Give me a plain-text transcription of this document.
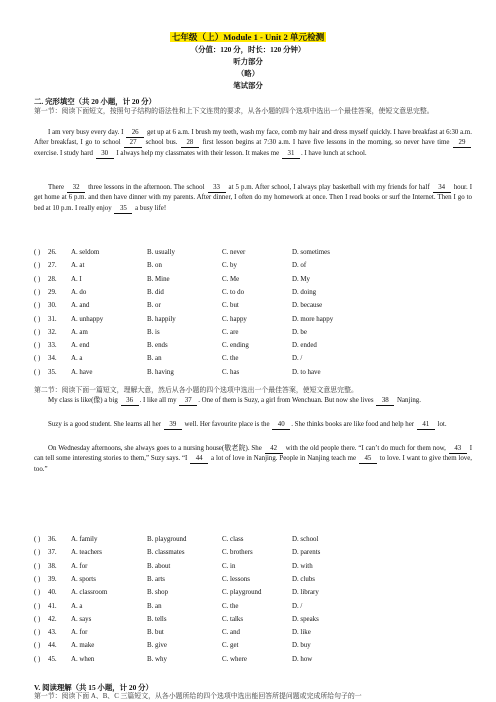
七年级（上）Module 1 - Unit 2 单元检测
（分值：120 分，时长：120 分钟）
听力部分
（略）
笔试部分
二. 完形填空（共 20 小题，计 20 分）
第一节：阅读下面短文，按照句子结构的语法性和上下文连贯的要求，从各小题的四个选项中选出一个最佳答案，使短文意思完整。
I am very busy every day. I 26 get up at 6 a.m. I brush my teeth, wash my face, comb my hair and dress myself quickly. I have breakfast at 6:30 a.m. After breakfast, I go to school 27 school bus. 28 first lesson begins at 7:30 a.m. I have five lessons in the morning, so never have time 29 exercise. I study hard 30 I always help my classmates with their lesson. It makes me 31 . I have lunch at school.
There 32 three lessons in the afternoon. The school 33 at 5 p.m. After school, I always play basketball with my friends for half 34 hour. I get home at 6 p.m. and then have dinner with my parents. After dinner, I often do my homework at once. Then I read books or surf the Internet. Then I go to bed at 10 p.m. I really enjoy 35 a busy life!
( ) 26. A. seldom	B. usually	C. never	D. sometimes
( ) 27. A. at	B. on	C. by	D. of
( ) 28. A. I	B. Mine	C. Me	D. My
( ) 29. A. do	B. did	C. to do	D. doing
( ) 30. A. and	B. or	C. but	D. because
( ) 31. A. unhappy	B. happily	C. happy	D. more happy
( ) 32. A. am	B. is	C. are	D. be
( ) 33. A. end	B. ends	C. ending	D. ended
( ) 34. A. a	B. an	C. the	D. /
( ) 35. A. have	B. having	C. has	D. to have
第二节：阅读下面一篇短文，理解大意，然后从各小题的四个选项中选出一个最佳答案，使短文意思完整。
My class is like(像) a big 36 . I like all my 37 . One of them is Suzy, a girl from Wenchuan. But now she lives 38 Nanjing.
Suzy is a good student. She learns all her 39 well. Her favourite place is the 40 . She thinks books are like food and help her 41 lot.
On Wednesday afternoons, she always goes to a nursing house(敬老院). She 42 with the old people there. “I can’t do much for them now, 43 I can tell some interesting stories to them,” Suzy says. “I 44 a lot of love in Nanjing. People in Nanjing teach me 45 to love. I want to give them love, too.”
( ) 36. A. family	B. playground	C. class	D. school
( ) 37. A. teachers	B. classmates	C. brothers	D. parents
( ) 38. A. for	B. about	C. in	D. with
( ) 39. A. sports	B. arts	C. lessons	D. clubs
( ) 40. A. classroom	B. shop	C. playground	D. library
( ) 41. A. a	B. an	C. the	D. /
( ) 42. A. says	B. tells	C. talks	D. speaks
( ) 43. A. for	B. but	C. and	D. like
( ) 44. A. make	B. give	C. get	D. buy
( ) 45. A. when	B. why	C. where	D. how
V. 阅读理解（共 15 小题，计 20 分）
第一节：阅读下面 A、B、C 三篇短文，从各小题所给的四个选项中选出能回答所提问题或完成所给句子的一
